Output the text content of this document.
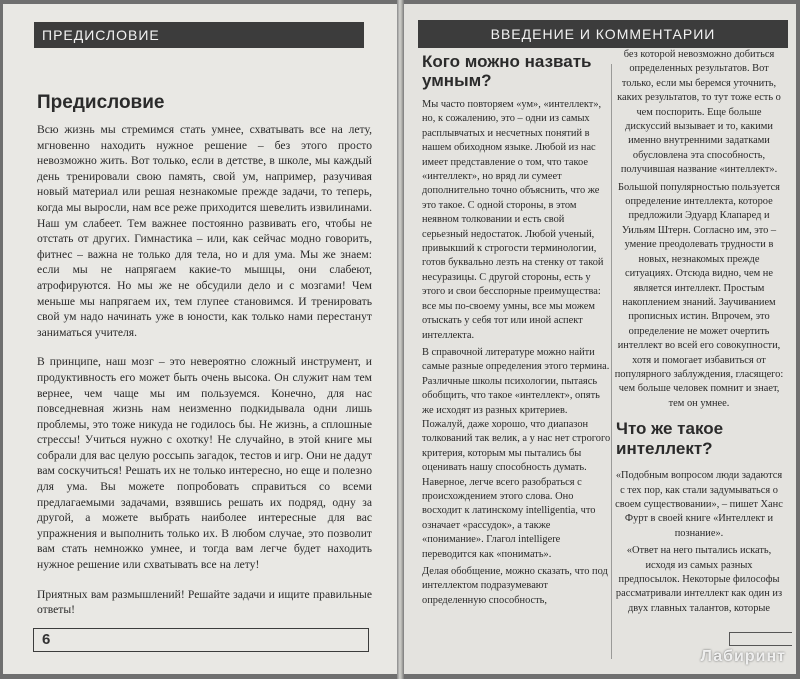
ПРЕДИСЛОВИЕ
Предисловие

Всю жизнь мы стремимся стать умнее, схватывать все на лету, мгновенно находить нужное решение – без этого просто невозможно жить. Вот только, если в детстве, в школе, мы каждый день тренировали свою память, свой ум, например, разучивая новый материал или решая незнакомые прежде задачи, то теперь, когда мы выросли, нам все реже приходится шевелить извилинами. Наш ум слабеет. Тем важнее постоянно развивать его, чтобы не отстать от других. Гимнастика – или, как сейчас модно говорить, фитнес – важна не только для тела, но и для ума. Мы же знаем: если мы не напрягаем какие-то мышцы, они слабеют, атрофируются. Но мы же не обсудили дело и с мозгами! Чем меньше мы напрягаем их, тем глупее становимся. И тренировать свой ум надо начинать уже в юности, как только нами перестанут заниматься учителя.

В принципе, наш мозг – это невероятно сложный инструмент, и продуктивность его может быть очень высока. Он служит нам тем вернее, чем чаще мы им пользуемся. Конечно, для нас повседневная жизнь нам неизменно подкидывала одни лишь проблемы, это тоже никуда не годилось бы. Не жизнь, а сплошные стрессы! Учиться нужно с охотку! Не случайно, в этой книге мы собрали для вас целую россыпь загадок, тестов и игр. Они не дадут вам соскучиться! Решать их не только интересно, но еще и полезно для ума. Вы можете попробовать справиться со всеми предлагаемыми задачами, взявшись решать их подряд, одну за другой, а можете выбрать наиболее интересные для вас упражнения и выполнить только их. В любом случае, это позволит вам стать немножко умнее, и тогда вам легче будет находить нужное решение или схватывать все на лету!

Приятных вам размышлений! Решайте задачи и ищите правильные ответы!

6
ВВЕДЕНИЕ И КОММЕНТАРИИ
Кого можно назвать умным?

Мы часто повторяем «ум», «интеллект», но, к сожалению, это – одни из самых расплывчатых и несчетных понятий в нашем обиходном языке. Любой из нас имеет представление о том, что такое «интеллект», но вряд ли сумеет дополнительно точно объяснить, что же это такое. С одной стороны, в этом неявном толковании и есть свой серьезный недостаток. Любой ученый, привыкший к строгости терминологии, готов буквально лезть на стенку от такой несуразицы. С другой стороны, есть у этого и свои бесспорные преимущества: все мы по-своему умны, все мы можем отыскать у себя тот или иной аспект интеллекта.

В справочной литературе можно найти самые разные определения этого термина. Различные школы психологии, пытаясь обобщить, что такое «интеллект», опять же исходят из разных критериев. Пожалуй, даже хорошо, что диапазон толкований так велик, а у нас нет строгого критерия, которым мы пытались бы оценивать нашу способность думать. Наверное, легче всего разобраться с происхождением этого слова. Оно восходит к латинскому intelligentia, что означает «рассудок», а также «понимание». Глагол intelligere переводится как «понимать».

Делая обобщение, можно сказать, что под интеллектом подразумевают определенную способность,

без которой невозможно добиться определенных результатов. Вот только, если мы беремся уточнить, каких результатов, то тут тоже есть о чем поспорить. Еще больше дискуссий вызывает и то, какими именно внутренними задатками обусловлена эта способность, получившая название «интеллект».

Большой популярностью пользуется определение интеллекта, которое предложили Эдуард Клапаред и Уильям Штерн. Согласно им, это – умение преодолевать трудности в новых, незнакомых прежде ситуациях. Отсюда видно, чем не является интеллект. Простым накоплением знаний. Заучиванием прописных истин. Впрочем, это определение не может очертить интеллект во всей его совокупности, хотя и помогает избавиться от популярного заблуждения, гласящего: чем больше человек помнит и знает, тем он умнее.

Что же такое интеллект?

«Подобным вопросом люди задаются с тех пор, как стали задумываться о своем существовании», – пишет Ханс Фурт в своей книге «Интеллект и познание».

«Ответ на него пытались искать, исходя из самых разных предпосылок. Некоторые философы рассматривали интеллект как один из двух главных талантов, которые

Лабиринт
